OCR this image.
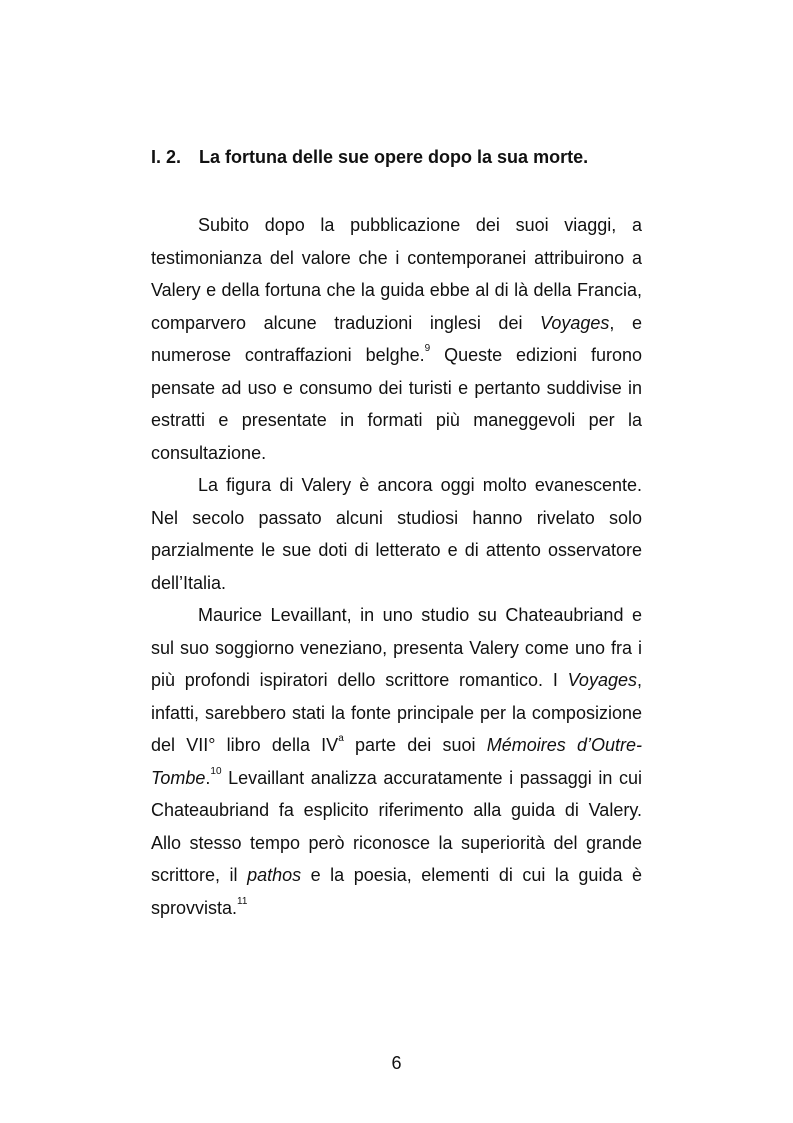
I. 2. La fortuna delle sue opere dopo la sua morte.

Subito dopo la pubblicazione dei suoi viaggi, a testimonianza del valore che i contemporanei attribuirono a Valery e della fortuna che la guida ebbe al di là della Francia, comparvero alcune traduzioni inglesi dei Voyages, e numerose contraffazioni belghe.$^9$ Queste edizioni furono pensate ad uso e consumo dei turisti e pertanto suddivise in estratti e presentate in formati più maneggevoli per la consultazione.

La figura di Valery è ancora oggi molto evanescente. Nel secolo passato alcuni studiosi hanno rivelato solo parzialmente le sue doti di letterato e di attento osservatore dell’Italia.

Maurice Levaillant, in uno studio su Chateaubriand e sul suo soggiorno veneziano, presenta Valery come uno fra i più profondi ispiratori dello scrittore romantico. I Voyages, infatti, sarebbero stati la fonte principale per la composizione del VII° libro della $IV^a$ parte dei suoi Mémoires d’Outre-Tombe.$^{10}$ Levaillant analizza accuratamente i passaggi in cui Chateaubriand fa esplicito riferimento alla guida di Valery. Allo stesso tempo però riconosce la superiorità del grande scrittore, il pathos e la poesia, elementi di cui la guida è sprovvista.$^{11}$

6
